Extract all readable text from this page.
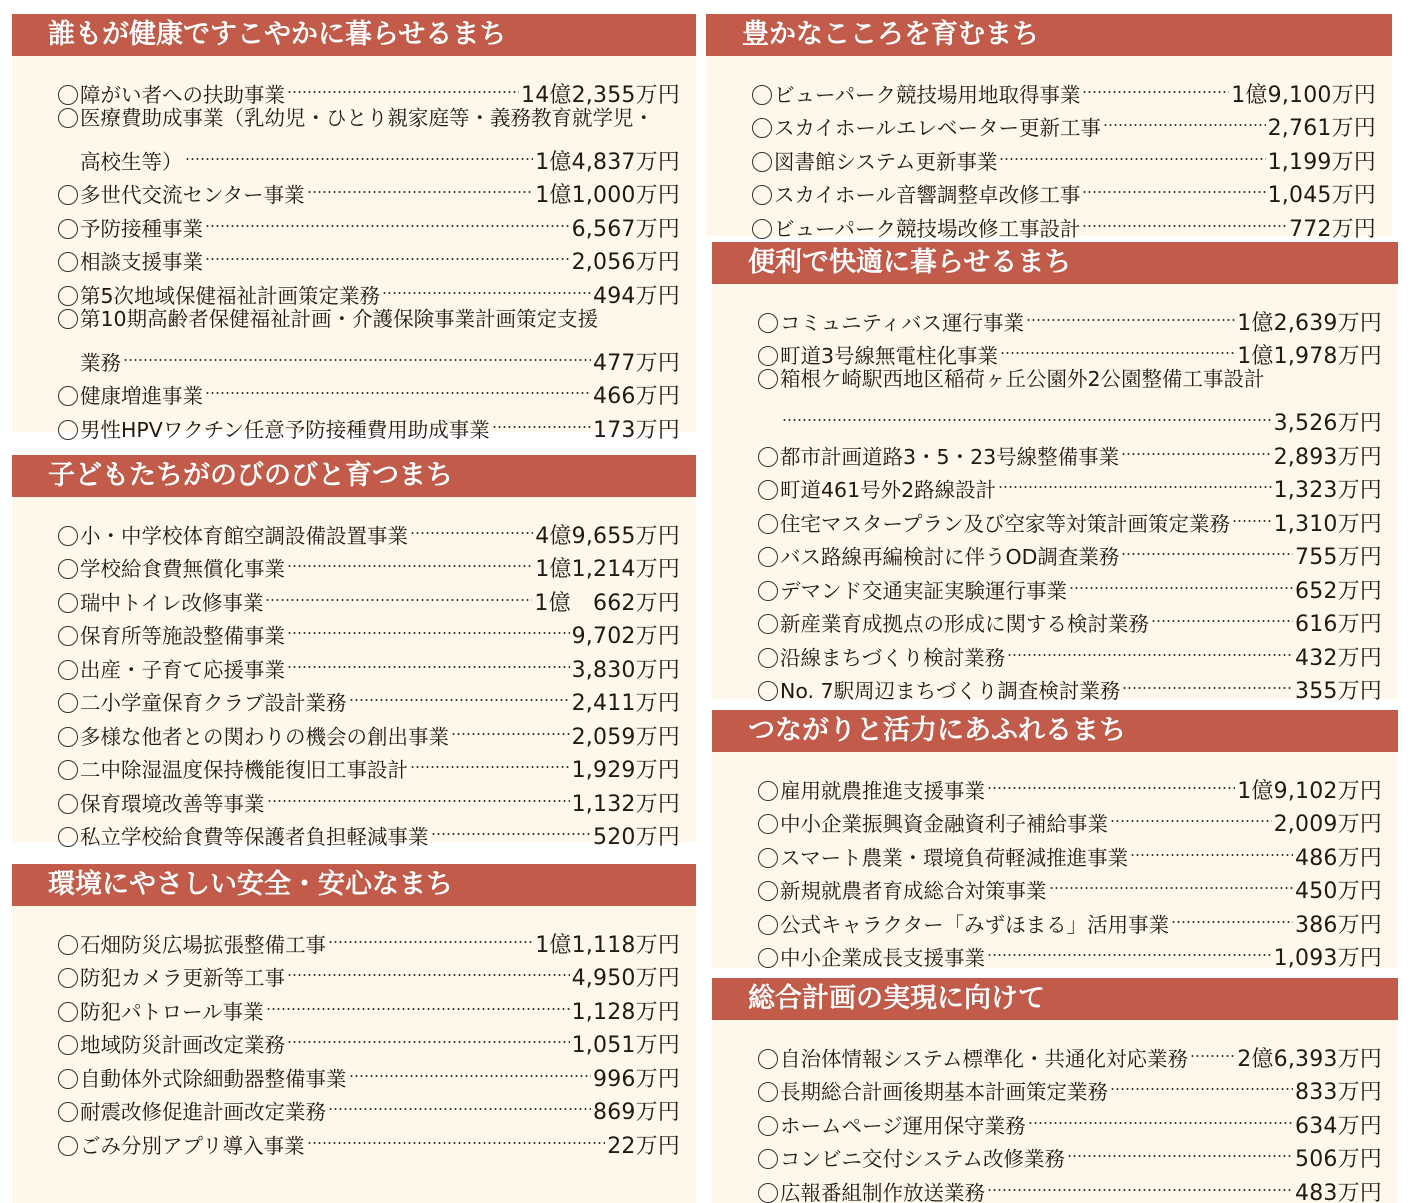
誰もが健康ですこやかに暮らせるまち
障がい者への扶助事業	14億2,355万円
医療費助成事業（乳幼児・ひとり親家庭等・義務教育就学児・
高校生等）	1億4,837万円
多世代交流センター事業	1億1,000万円
予防接種事業	6,567万円
相談支援事業	2,056万円
第5次地域保健福祉計画策定業務	494万円
第10期高齢者保健福祉計画・介護保険事業計画策定支援
業務	477万円
健康増進事業	466万円
男性HPVワクチン任意予防接種費用助成事業	173万円
子どもたちがのびのびと育つまち
小・中学校体育館空調設備設置事業	4億9,655万円
学校給食費無償化事業	1億1,214万円
瑞中トイレ改修事業	1億　662万円
保育所等施設整備事業	9,702万円
出産・子育て応援事業	3,830万円
二小学童保育クラブ設計業務	2,411万円
多様な他者との関わりの機会の創出事業	2,059万円
二中除湿温度保持機能復旧工事設計	1,929万円
保育環境改善等事業	1,132万円
私立学校給食費等保護者負担軽減事業	520万円
環境にやさしい安全・安心なまち
石畑防災広場拡張整備工事	1億1,118万円
防犯カメラ更新等工事	4,950万円
防犯パトロール事業	1,128万円
地域防災計画改定業務	1,051万円
自動体外式除細動器整備事業	996万円
耐震改修促進計画改定業務	869万円
ごみ分別アプリ導入事業	22万円
豊かなこころを育むまち
ビューパーク競技場用地取得事業	1億9,100万円
スカイホールエレベーター更新工事	2,761万円
図書館システム更新事業	1,199万円
スカイホール音響調整卓改修工事	1,045万円
ビューパーク競技場改修工事設計	772万円
便利で快適に暮らせるまち
コミュニティバス運行事業	1億2,639万円
町道3号線無電柱化事業	1億1,978万円
箱根ケ崎駅西地区稲荷ヶ丘公園外2公園整備工事設計
3,526万円
都市計画道路3・5・23号線整備事業	2,893万円
町道461号外2路線設計	1,323万円
住宅マスタープラン及び空家等対策計画策定業務 1,310万円
バス路線再編検討に伴うOD調査業務	755万円
デマンド交通実証実験運行事業	652万円
新産業育成拠点の形成に関する検討業務	616万円
沿線まちづくり検討業務	432万円
No. 7駅周辺まちづくり調査検討業務	355万円
つながりと活力にあふれるまち
雇用就農推進支援事業	1億9,102万円
中小企業振興資金融資利子補給事業	2,009万円
スマート農業・環境負荷軽減推進事業	486万円
新規就農者育成総合対策事業	450万円
公式キャラクター「みずほまる」活用事業	386万円
中小企業成長支援事業	1,093万円
総合計画の実現に向けて
自治体情報システム標準化・共通化対応業務 2億6,393万円
長期総合計画後期基本計画策定業務	833万円
ホームページ運用保守業務	634万円
コンビニ交付システム改修業務	506万円
広報番組制作放送業務	483万円
